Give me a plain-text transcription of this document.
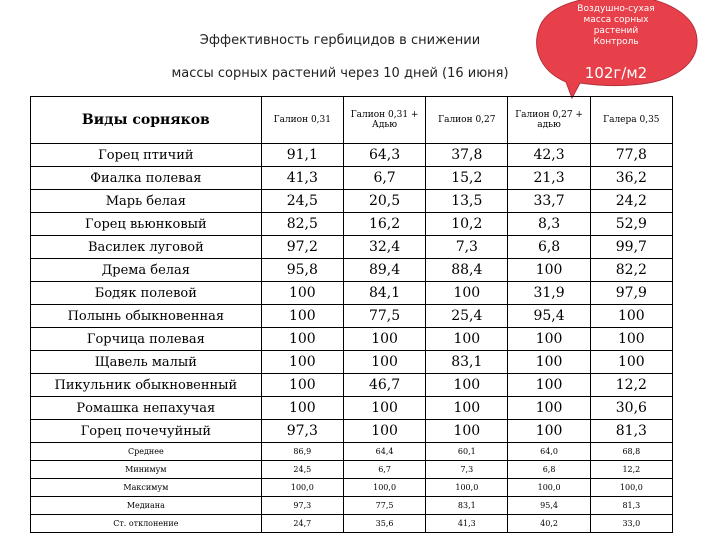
Эффективность гербицидов в снижении
массы сорных растений через 10 дней (16 июня)
Воздушно-сухая
масса сорных
растений
Контроль
102г/м2
Виды сорняков	Галион 0,31	Галион 0,31 + Адью	Галион 0,27	Галион 0,27 + адью	Галера 0,35
Горец птичий	91,1	64,3	37,8	42,3	77,8
Фиалка полевая	41,3	6,7	15,2	21,3	36,2
Марь белая	24,5	20,5	13,5	33,7	24,2
Горец вьюнковый	82,5	16,2	10,2	8,3	52,9
Василек луговой	97,2	32,4	7,3	6,8	99,7
Дрема белая	95,8	89,4	88,4	100	82,2
Бодяк полевой	100	84,1	100	31,9	97,9
Полынь обыкновенная	100	77,5	25,4	95,4	100
Горчица полевая	100	100	100	100	100
Щавель малый	100	100	83,1	100	100
Пикульник обыкновенный	100	46,7	100	100	12,2
Ромашка непахучая	100	100	100	100	30,6
Горец почечуйный	97,3	100	100	100	81,3
Среднее	86,9	64,4	60,1	64,0	68,8
Минимум	24,5	6,7	7,3	6,8	12,2
Максимум	100,0	100,0	100,0	100,0	100,0
Медиана	97,3	77,5	83,1	95,4	81,3
Ст. отклонение	24,7	35,6	41,3	40,2	33,0
